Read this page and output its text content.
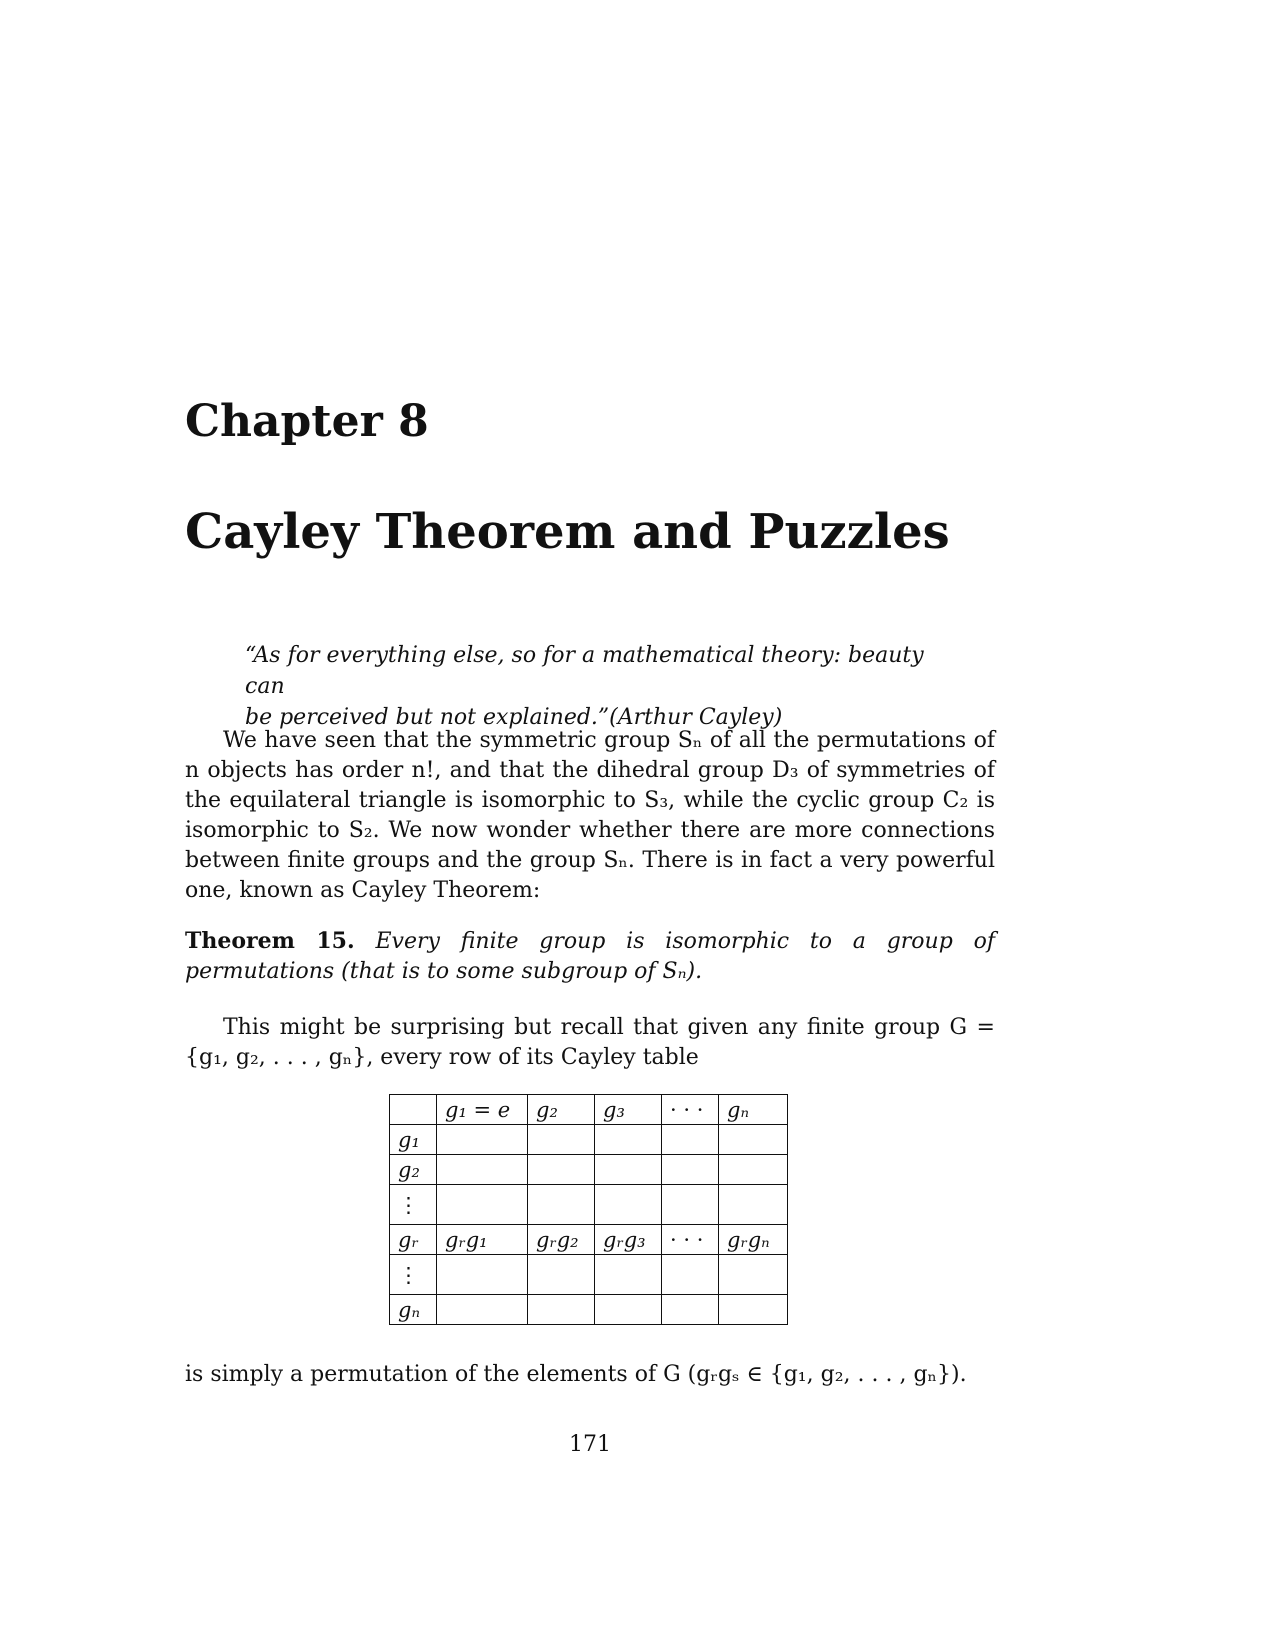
Chapter 8
Cayley Theorem and Puzzles
“As for everything else, so for a mathematical theory: beauty can
be perceived but not explained.”(Arthur Cayley)
We have seen that the symmetric group Sₙ of all the permutations of n objects has order n!, and that the dihedral group D₃ of symmetries of the equilateral triangle is isomorphic to S₃, while the cyclic group C₂ is isomorphic to S₂. We now wonder whether there are more connections between finite groups and the group Sₙ. There is in fact a very powerful one, known as Cayley Theorem:
Theorem 15. Every finite group is isomorphic to a group of permutations (that is to some subgroup of Sₙ).
This might be surprising but recall that given any finite group G = {g₁, g₂, . . . , gₙ}, every row of its Cayley table
	g₁ = e	g₂	g₃	· · ·	gₙ
g₁					
g₂					
⋮					
gᵣ	gᵣg₁	gᵣg₂	gᵣg₃	· · ·	gᵣgₙ
⋮					
gₙ					
is simply a permutation of the elements of G (gᵣgₛ ∈ {g₁, g₂, . . . , gₙ}).
171
